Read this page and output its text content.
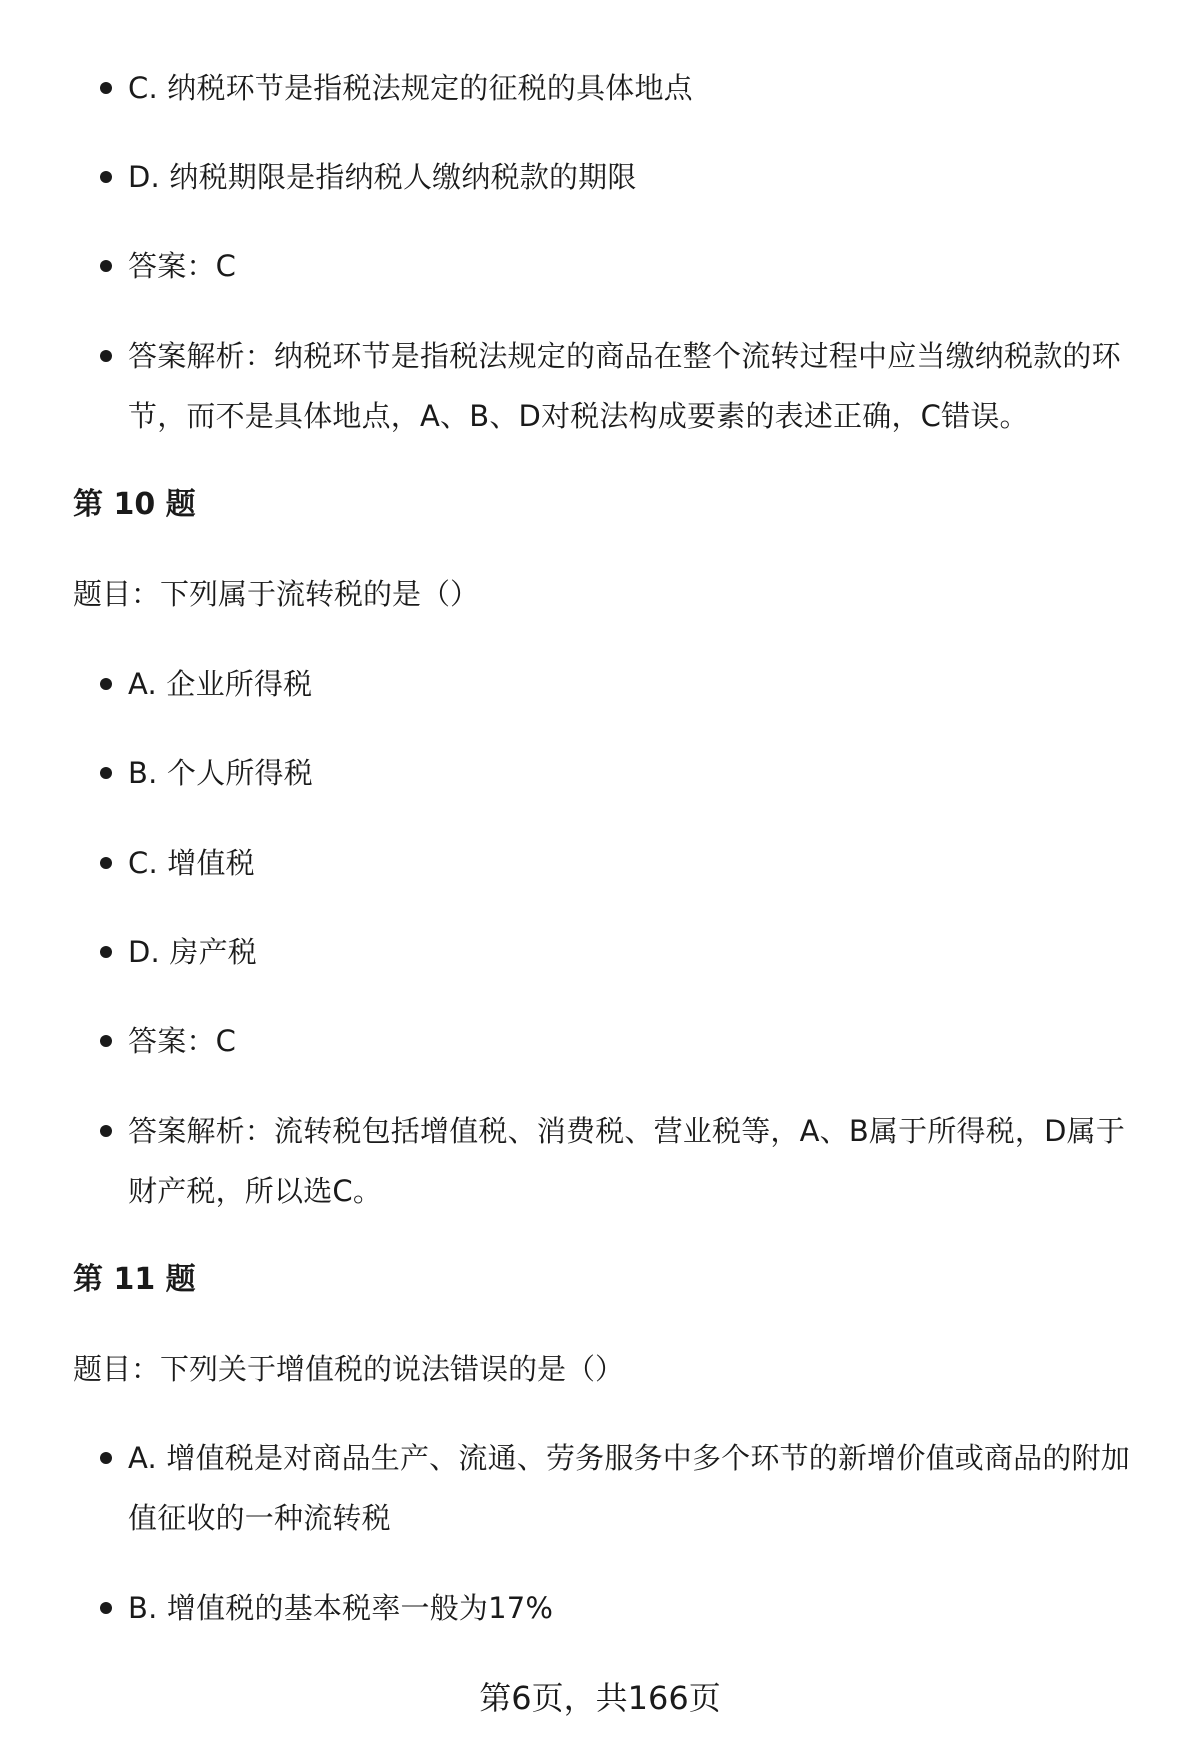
C. 纳税环节是指税法规定的征税的具体地点
D. 纳税期限是指纳税人缴纳税款的期限
答案：C
答案解析：纳税环节是指税法规定的商品在整个流转过程中应当缴纳税款的环节，而不是具体地点，A、B、D对税法构成要素的表述正确，C错误。
第 10 题
题目：下列属于流转税的是（）
A. 企业所得税
B. 个人所得税
C. 增值税
D. 房产税
答案：C
答案解析：流转税包括增值税、消费税、营业税等，A、B属于所得税，D属于财产税，所以选C。
第 11 题
题目：下列关于增值税的说法错误的是（）
A. 增值税是对商品生产、流通、劳务服务中多个环节的新增价值或商品的附加值征收的一种流转税
B. 增值税的基本税率一般为17%
第6页，共166页
